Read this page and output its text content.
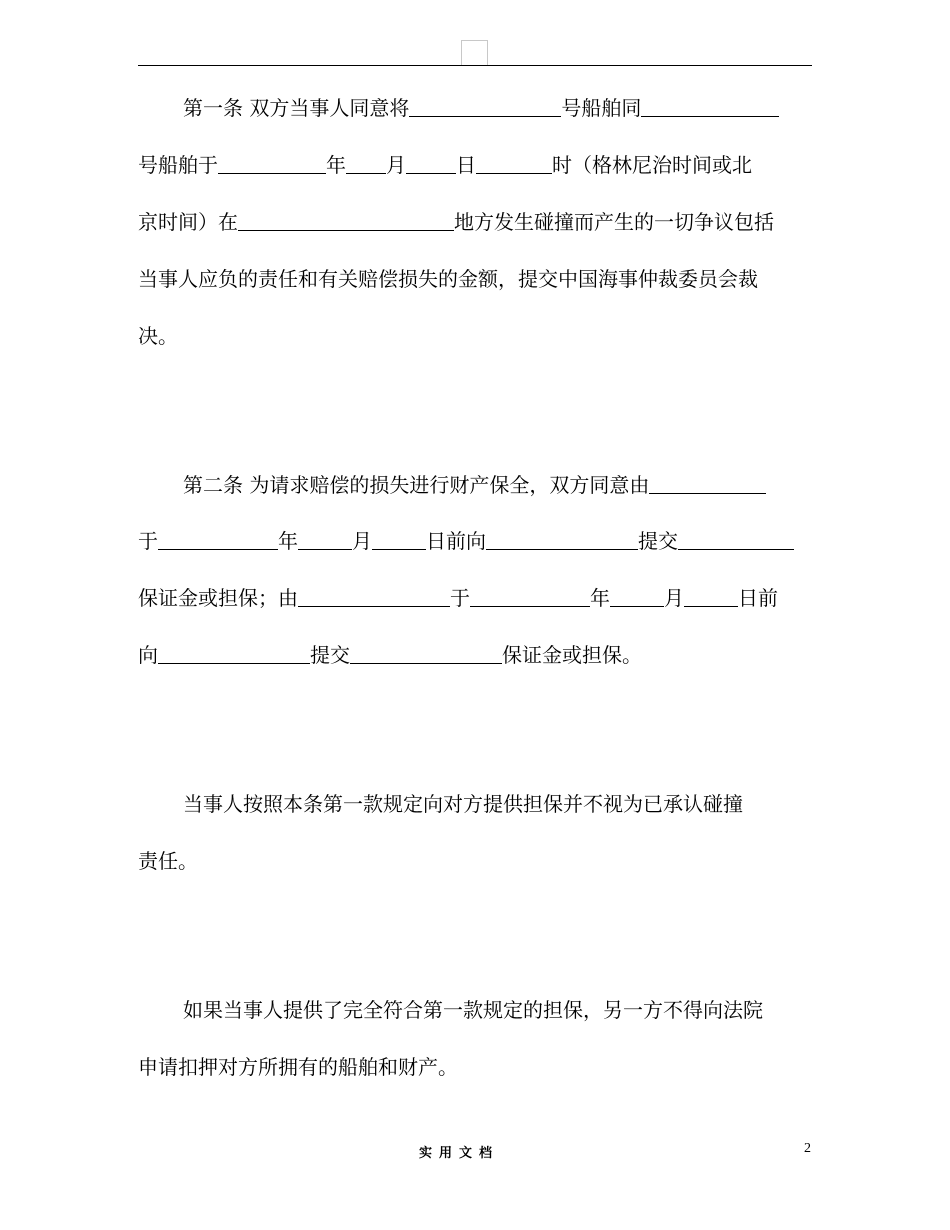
第一条 双方当事人同意将	号船舶同
号船舶于	年 月	日	时（格林尼治时间或北
京时间）在	地方发生碰撞而产生的一切争议包括
当事人应负的责任和有关赔偿损失的金额，提交中国海事仲裁委员会裁
决。
第二条 为请求赔偿的损失进行财产保全，双方同意由
于	年	月	日前向	提交
保证金或担保；由	于	年	月	日前
向	提交	保证金或担保。
当事人按照本条第一款规定向对方提供担保并不视为已承认碰撞
责任。
如果当事人提供了完全符合第一款规定的担保，另一方不得向法院
申请扣押对方所拥有的船舶和财产。
实用文档	2
